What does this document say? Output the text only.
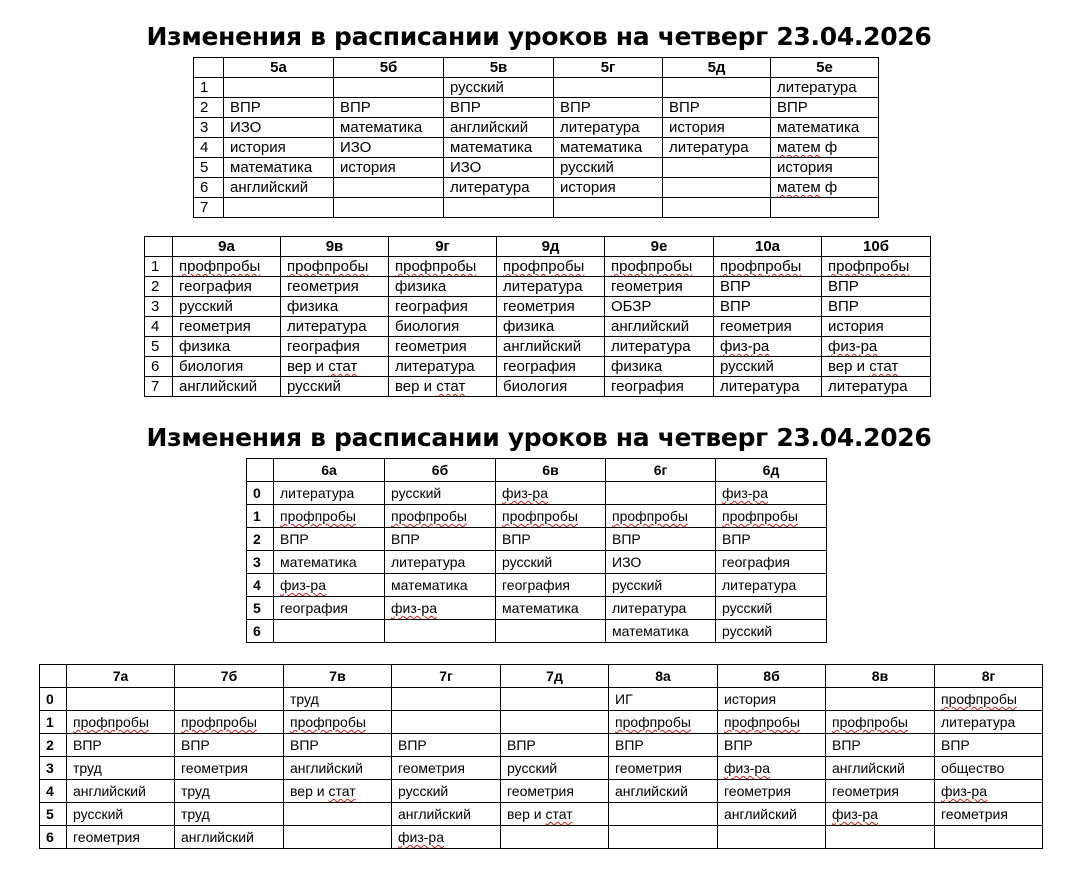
Изменения в расписании уроков на четверг 23.04.2026
	5а	5б	5в	5г	5д	5е
1			русский			литература
2	ВПР	ВПР	ВПР	ВПР	ВПР	ВПР
3	ИЗО	математика	английский	литература	история	математика
4	история	ИЗО	математика	математика	литература	матем ф
5	математика	история	ИЗО	русский		история
6	английский		литература	история		матем ф
7						
	9а	9в	9г	9д	9е	10а	10б
1	профпробы	профпробы	профпробы	профпробы	профпробы	профпробы	профпробы
2	география	геометрия	физика	литература	геометрия	ВПР	ВПР
3	русский	физика	география	геометрия	ОБЗР	ВПР	ВПР
4	геометрия	литература	биология	физика	английский	геометрия	история
5	физика	география	геометрия	английский	литература	физ-ра	физ-ра
6	биология	вер и стат	литература	география	физика	русский	вер и стат
7	английский	русский	вер и стат	биология	география	литература	литература
Изменения в расписании уроков на четверг 23.04.2026
	6а	6б	6в	6г	6д
0	литература	русский	физ-ра		физ-ра
1	профпробы	профпробы	профпробы	профпробы	профпробы
2	ВПР	ВПР	ВПР	ВПР	ВПР
3	математика	литература	русский	ИЗО	география
4	физ-ра	математика	география	русский	литература
5	география	физ-ра	математика	литература	русский
6				математика	русский
	7а	7б	7в	7г	7д	8а	8б	8в	8г
0			труд			ИГ	история		профпробы
1	профпробы	профпробы	профпробы			профпробы	профпробы	профпробы	литература
2	ВПР	ВПР	ВПР	ВПР	ВПР	ВПР	ВПР	ВПР	ВПР
3	труд	геометрия	английский	геометрия	русский	геометрия	физ-ра	английский	общество
4	английский	труд	вер и стат	русский	геометрия	английский	геометрия	геометрия	физ-ра
5	русский	труд		английский	вер и стат		английский	физ-ра	геометрия
6	геометрия	английский		физ-ра					
